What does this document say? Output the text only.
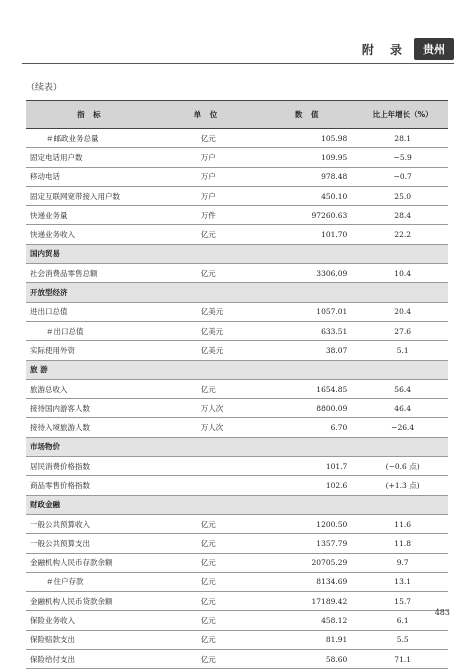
附 录	贵州
（续表）
指 标	单 位	数 值	比上年增长（%）
＃邮政业务总量	亿元	105.98	28.1
固定电话用户数	万户	109.95	−5.9
移动电话	万户	978.48	−0.7
固定互联网宽带接入用户数	万户	450.10	25.0
快递业务量	万件	97260.63	28.4
快递业务收入	亿元	101.70	22.2
国内贸易			
社会消费品零售总额	亿元	3306.09	10.4
开放型经济			
进出口总值	亿美元	1057.01	20.4
＃出口总值	亿美元	633.51	27.6
实际使用外资	亿美元	38.07	5.1
旅 游			
旅游总收入	亿元	1654.85	56.4
接待国内游客人数	万人次	8800.09	46.4
接待入境旅游人数	万人次	6.70	−26.4
市场物价			
居民消费价格指数		101.7	(−0.6 点)
商品零售价格指数		102.6	(+1.3 点)
财政金融			
一般公共预算收入	亿元	1200.50	11.6
一般公共预算支出	亿元	1357.79	11.8
金融机构人民币存款余额	亿元	20705.29	9.7
＃住户存款	亿元	8134.69	13.1
金融机构人民币贷款余额	亿元	17189.42	15.7
保险业务收入	亿元	458.12	6.1
保险赔款支出	亿元	81.91	5.5
保险给付支出	亿元	58.60	71.1
483
